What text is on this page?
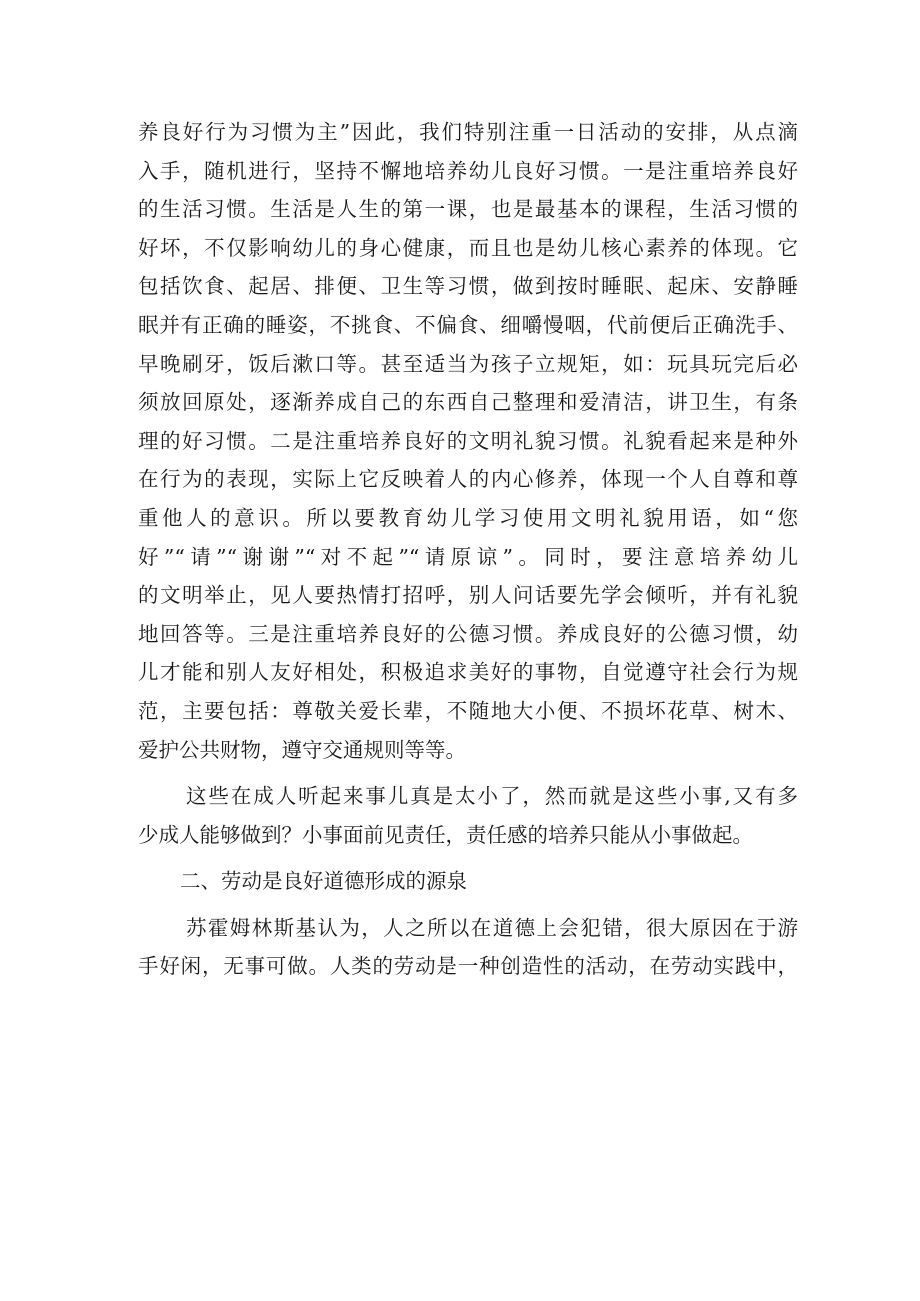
养良好行为习惯为主”因此，我们特别注重一日活动的安排，从点滴
入手，随机进行，坚持不懈地培养幼儿良好习惯。一是注重培养良好
的生活习惯。生活是人生的第一课，也是最基本的课程，生活习惯的
好坏，不仅影响幼儿的身心健康，而且也是幼儿核心素养的体现。它
包括饮食、起居、排便、卫生等习惯，做到按时睡眠、起床、安静睡
眠并有正确的睡姿，不挑食、不偏食、细嚼慢咽，代前便后正确洗手、
早晚刷牙，饭后漱口等。甚至适当为孩子立规矩，如：玩具玩完后必
须放回原处，逐渐养成自己的东西自己整理和爱清洁，讲卫生，有条
理的好习惯。二是注重培养良好的文明礼貌习惯。礼貌看起来是种外
在行为的表现，实际上它反映着人的内心修养，体现一个人自尊和尊
重他人的意识。所以要教育幼儿学习使用文明礼貌用语，如“您
好”“请”“谢谢”“对不起”“请原谅”。同时，要注意培养幼儿
的文明举止，见人要热情打招呼，别人问话要先学会倾听，并有礼貌
地回答等。三是注重培养良好的公德习惯。养成良好的公德习惯，幼
儿才能和别人友好相处，积极追求美好的事物，自觉遵守社会行为规
范，主要包括：尊敬关爱长辈，不随地大小便、不损坏花草、树木、
爱护公共财物，遵守交通规则等等。
这些在成人听起来事儿真是太小了，然而就是这些小事,又有多
少成人能够做到？小事面前见责任，责任感的培养只能从小事做起。
二、劳动是良好道德形成的源泉
苏霍姆林斯基认为，人之所以在道德上会犯错，很大原因在于游
手好闲，无事可做。人类的劳动是一种创造性的活动，在劳动实践中，
